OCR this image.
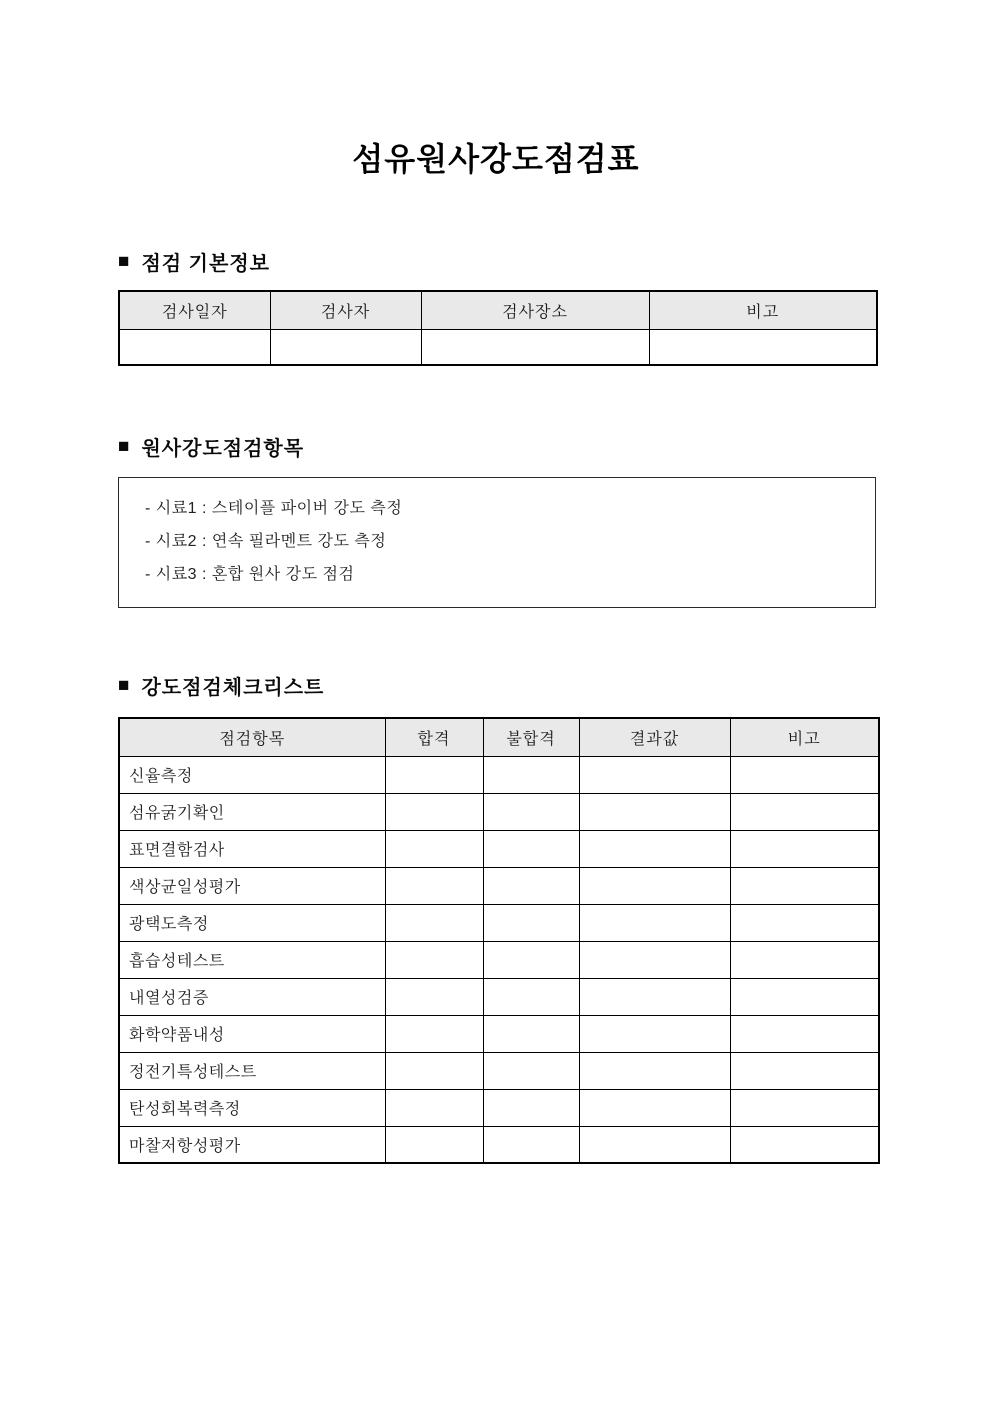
섬유원사강도점검표
■ 점검 기본정보
검사일자	검사자	검사장소	비고

■ 원사강도점검항목
- 시료1 : 스테이플 파이버 강도 측정
- 시료2 : 연속 필라멘트 강도 측정
- 시료3 : 혼합 원사 강도 점검
■ 강도점검체크리스트
점검항목	합격	불합격	결과값	비고
신율측정				
섬유굵기확인				
표면결함검사				
색상균일성평가				
광택도측정				
흡습성테스트				
내열성검증				
화학약품내성				
정전기특성테스트				
탄성회복력측정				
마찰저항성평가				
